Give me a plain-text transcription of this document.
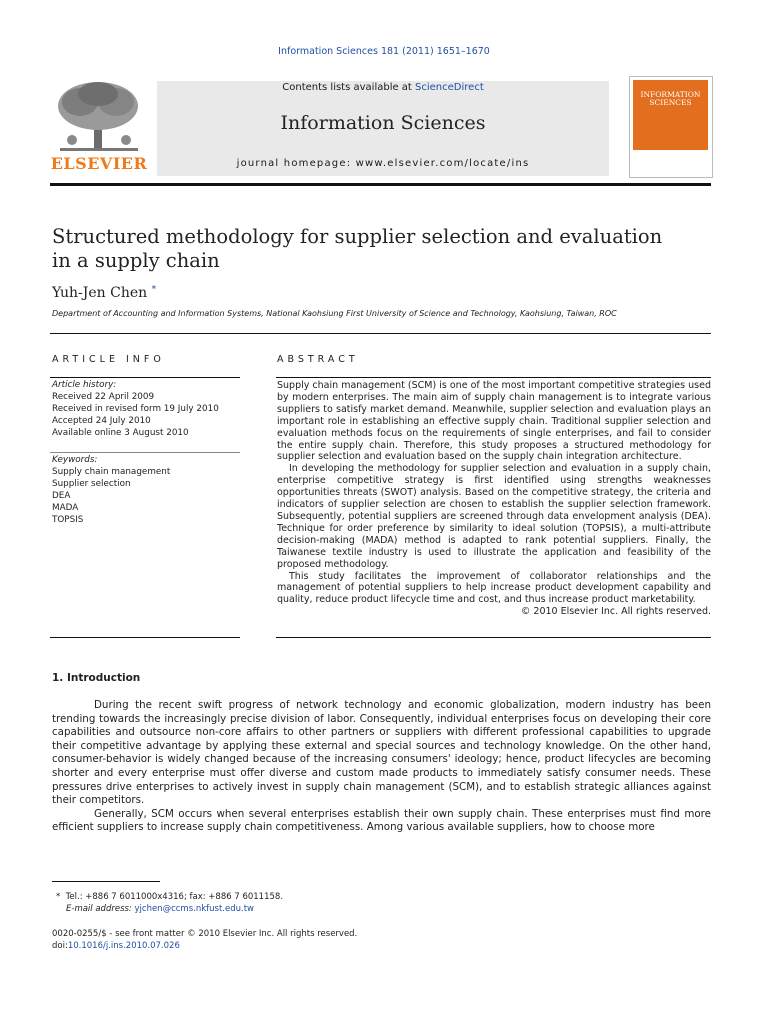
Information Sciences 181 (2011) 1651–1670
ELSEVIER
Contents lists available at ScienceDirect
Information Sciences
journal homepage: www.elsevier.com/locate/ins
INFORMATION SCIENCES
Structured methodology for supplier selection and evaluation
in a supply chain
Yuh-Jen Chen *
Department of Accounting and Information Systems, National Kaohsiung First University of Science and Technology, Kaohsiung, Taiwan, ROC
ARTICLE INFO	ABSTRACT
Article history:
Received 22 April 2009
Received in revised form 19 July 2010
Accepted 24 July 2010
Available online 3 August 2010
Keywords:
Supply chain management
Supplier selection
DEA
MADA
TOPSIS

Supply chain management (SCM) is one of the most important competitive strategies used by modern enterprises. The main aim of supply chain management is to integrate various suppliers to satisfy market demand. Meanwhile, supplier selection and evaluation plays an important role in establishing an effective supply chain. Traditional supplier selection and evaluation methods focus on the requirements of single enterprises, and fail to consider the entire supply chain. Therefore, this study proposes a structured methodology for supplier selection and evaluation based on the supply chain integration architecture.

In developing the methodology for supplier selection and evaluation in a supply chain, enterprise competitive strategy is first identified using strengths weaknesses opportunities threats (SWOT) analysis. Based on the competitive strategy, the criteria and indicators of supplier selection are chosen to establish the supplier selection framework. Subsequently, potential suppliers are screened through data envelopment analysis (DEA). Technique for order preference by similarity to ideal solution (TOPSIS), a multi-attribute decision-making (MADA) method is adapted to rank potential suppliers. Finally, the Taiwanese textile industry is used to illustrate the application and feasibility of the proposed methodology.

This study facilitates the improvement of collaborator relationships and the management of potential suppliers to help increase product development capability and quality, reduce product lifecycle time and cost, and thus increase product marketability.

© 2010 Elsevier Inc. All rights reserved.
1. Introduction

During the recent swift progress of network technology and economic globalization, modern industry has been trending towards the increasingly precise division of labor. Consequently, individual enterprises focus on developing their core capabilities and outsource non-core affairs to other partners or suppliers with different professional capabilities to upgrade their competitive advantage by applying these external and special sources and technology knowledge. On the other hand, consumer-behavior is widely changed because of the increasing consumers' ideology; hence, product lifecycles are becoming shorter and every enterprise must offer diverse and custom made products to immediately satisfy consumer needs. These pressures drive enterprises to actively invest in supply chain management (SCM), and to establish strategic alliances against their competitors.

Generally, SCM occurs when several enterprises establish their own supply chain. These enterprises must find more efficient suppliers to increase supply chain competitiveness. Among various available suppliers, how to choose more

* Tel.: +886 7 6011000x4316; fax: +886 7 6011158.
E-mail address: yjchen@ccms.nkfust.edu.tw
0020-0255/$ - see front matter © 2010 Elsevier Inc. All rights reserved.
doi:10.1016/j.ins.2010.07.026
